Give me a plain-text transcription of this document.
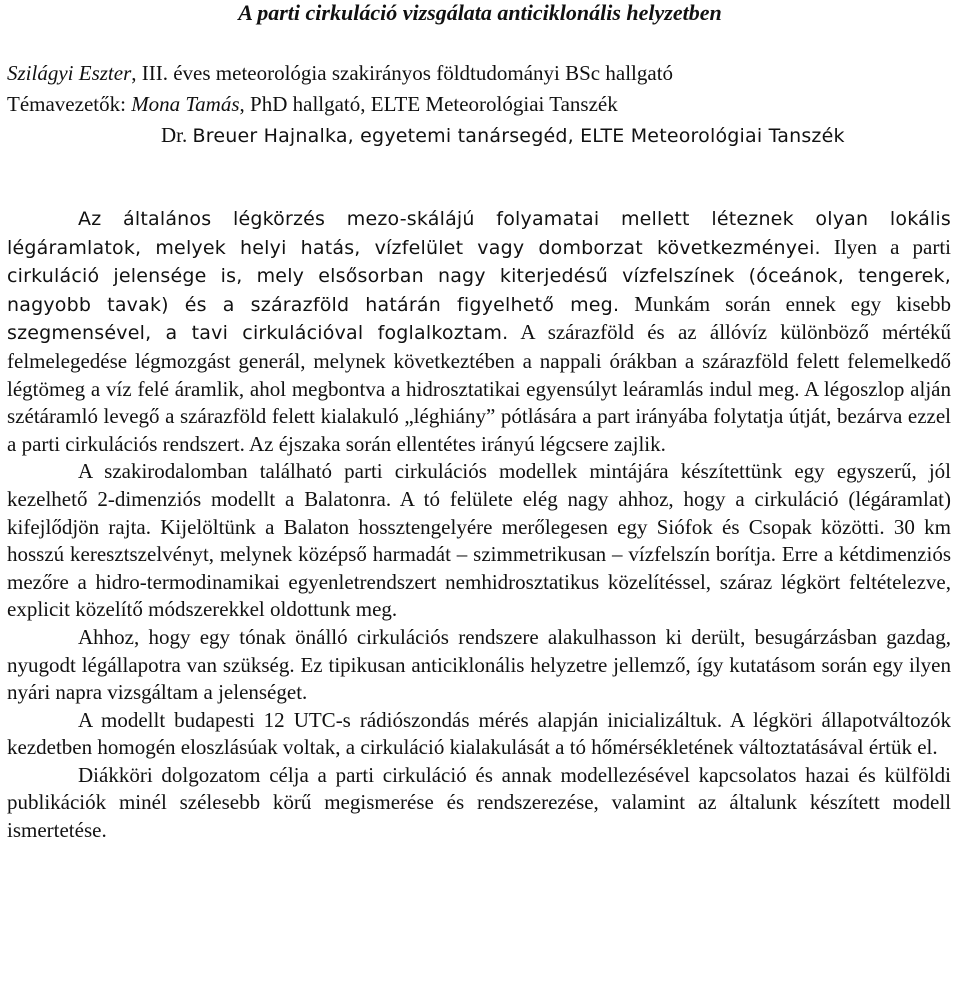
A parti cirkuláció vizsgálata anticiklonális helyzetben
Szilágyi Eszter, III. éves meteorológia szakirányos földtudományi BSc hallgató
Témavezetők: Mona Tamás, PhD hallgató, ELTE Meteorológiai Tanszék
Dr. Breuer Hajnalka, egyetemi tanársegéd, ELTE Meteorológiai Tanszék

Az általános légkörzés mezo-skálájú folyamatai mellett léteznek olyan lokális légáramlatok, melyek helyi hatás, vízfelület vagy domborzat következményei. Ilyen a parti cirkuláció jelensége is, mely elsősorban nagy kiterjedésű vízfelszínek (óceánok, tengerek, nagyobb tavak) és a szárazföld határán figyelhető meg. Munkám során ennek egy kisebb szegmensével, a tavi cirkulációval foglalkoztam. A szárazföld és az állóvíz különböző mértékű felmelegedése légmozgást generál, melynek következtében a nappali órákban a szárazföld felett felemelkedő légtömeg a víz felé áramlik, ahol megbontva a hidrosztatikai egyensúlyt leáramlás indul meg. A légoszlop alján szétáramló levegő a szárazföld felett kialakuló „léghiány” pótlására a part irányába folytatja útját, bezárva ezzel a parti cirkulációs rendszert. Az éjszaka során ellentétes irányú légcsere zajlik.

A szakirodalomban található parti cirkulációs modellek mintájára készítettünk egy egyszerű, jól kezelhető 2-dimenziós modellt a Balatonra. A tó felülete elég nagy ahhoz, hogy a cirkuláció (légáramlat) kifejlődjön rajta. Kijelöltünk a Balaton hossztengelyére merőlegesen egy Siófok és Csopak közötti. 30 km hosszú keresztszelvényt, melynek középső harmadát – szimmetrikusan – vízfelszín borítja. Erre a kétdimenziós mezőre a hidro-termodinamikai egyenletrendszert nemhidrosztatikus közelítéssel, száraz légkört feltételezve, explicit közelítő módszerekkel oldottunk meg.

Ahhoz, hogy egy tónak önálló cirkulációs rendszere alakulhasson ki derült, besugárzásban gazdag, nyugodt légállapotra van szükség. Ez tipikusan anticiklonális helyzetre jellemző, így kutatásom során egy ilyen nyári napra vizsgáltam a jelenséget.

A modellt budapesti 12 UTC-s rádiószondás mérés alapján inicializáltuk. A légköri állapotváltozók kezdetben homogén eloszlásúak voltak, a cirkuláció kialakulását a tó hőmérsékletének változtatásával értük el.

Diákköri dolgozatom célja a parti cirkuláció és annak modellezésével kapcsolatos hazai és külföldi publikációk minél szélesebb körű megismerése és rendszerezése, valamint az általunk készített modell ismertetése.
